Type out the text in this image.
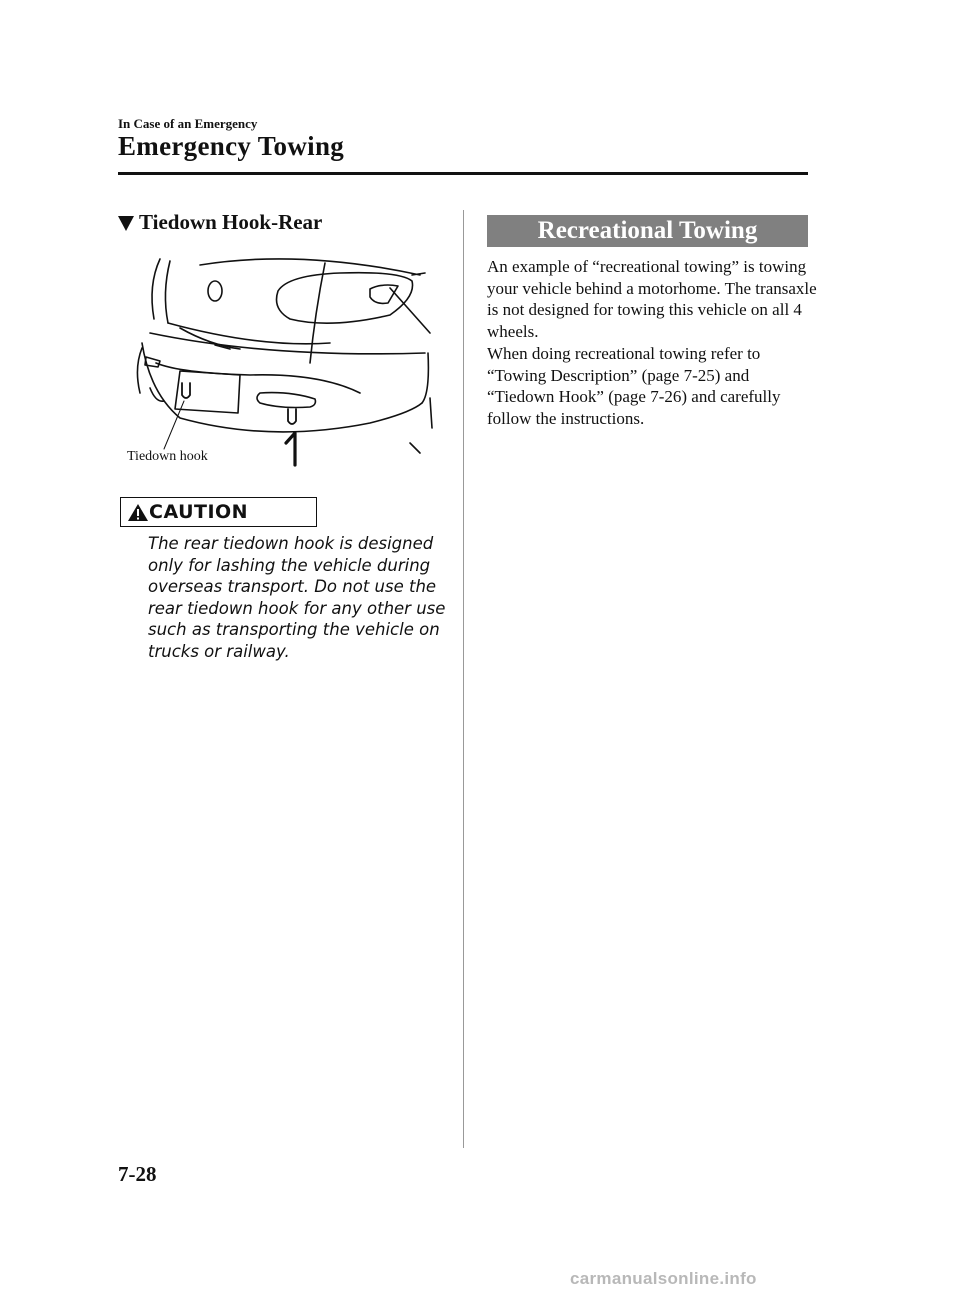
In Case of an Emergency
Emergency Towing
Tiedown Hook-Rear
Tiedown hook
CAUTION
The rear tiedown hook is designed only for lashing the vehicle during overseas transport. Do not use the rear tiedown hook for any other use such as transporting the vehicle on trucks or railway.
Recreational Towing

An example of “recreational towing” is towing your vehicle behind a motorhome. The transaxle is not designed for towing this vehicle on all 4 wheels.

When doing recreational towing refer to “Towing Description” (page 7-25) and “Tiedown Hook” (page 7-26) and carefully follow the instructions.

7-28
carmanualsonline.info
